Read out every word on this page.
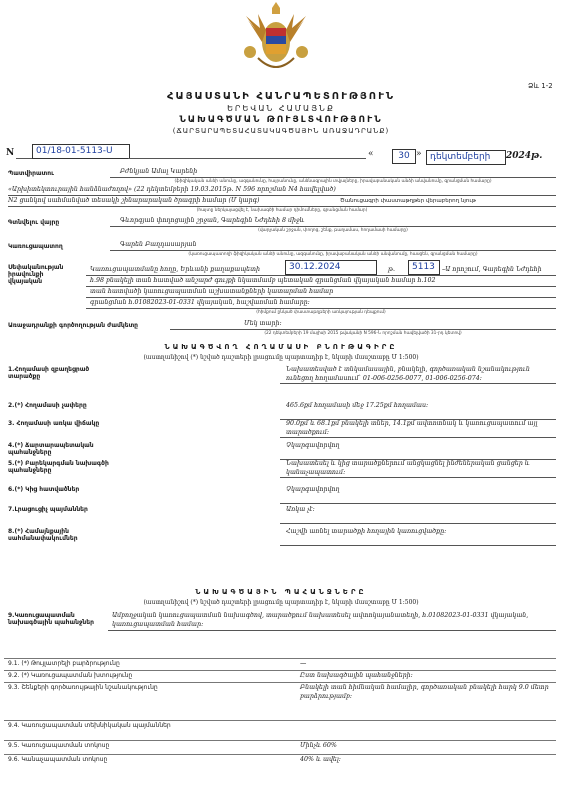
Ձև 1-2
ՀԱՅԱՍՏԱՆԻ ՀԱՆՐԱՊԵՏՈՒԹՅՈՒՆ
ԵՐԵՎԱՆ ՀԱՄԱՅՆՔ
ՆԱԽԱԳԾՄԱՆ ԹՈՒՅԼՏՎՈՒԹՅՈՒՆ
(ՃԱՐՏԱՐԱՊԵՏԱՀԱՏԱԿԱԳԾԱՅԻՆ ԱՌԱՋԱԴՐԱՆՔ)
N	01/18-01-5113-Ս	«	30 » դեկտեմբերի	2024թ.
Պատվիրատու	Բժնկյան Ամալ Կարենի
(ֆիզիկական անձի անունը, ազգանունը, հայրանունը, անձնագրային տվյալները, իրավաբանական անձի անվանումը, գրանցման համարը)
«Արխիտեկտուրային հանձնաժողով» (22 դեկտեմբերի 19.03.2015թ. N 596 որոշման N4 հավելված)
N2 ցանկով սահմանված տեսակի շինարարական ծրագրի համար (Մ կարգ)	Ծանուցագրի փաստաթղթեր վերաբերող նյութ
(հայտը ներկայացվել է, նախագծի համար դիմումները, գրանցման համար)
Գտնվելու վայրը	Գևորգյան փողոցային շրջան, Գարեգին Նժդեհի 8 միջև
(վարչական շրջան, փողոց, շենք, թաղամաս, հողամասի համարը)
Կառուցապատող	Գարեն Բաղդասարյան
(կառուցապատողի ֆիզիկական անձի անունը, ազգանունը, իրավաբանական անձի անվանումը, հասցեն, գրանցման համարը)
Սեփականության իրավունքի վկայական
Կառուցապատմանը հողը, Երևանի քաղաքապետի	30.12.2024	թ.	5113	–Ա որոշում, Գարեգին Նժդեհի
հ.98 բնակելի տան հատված անշարժ գույքի նկատմամբ պետական գրանցման վկայական համար հ.102
տան հատվածի կառուցապատման աշխատանքների կատարման համար
գրանցման հ.01082023-01-0331 վկայական, հաշվառման համարը:
(հիմքում ընկած փաստաթղթերի առկայության դեպքում)
Առաջադրանքի գործողության ժամկետը	Մեկ տարի:
(22 դեկտեմբերի 19 մայիսի 2015 թվականի N 596-Ն որոշման հավելվածի 31-րդ կետով)
ՆԱԽԱԳԾՎՈՂ ՀՈՂԱՄԱՍԻ ԲՆՈՒԹԱԳԻՐԸ
(աստղանիշով (*) նշված դաշտերի լրացումը պարտադիր է, նկարի մասշտաբը Մ 1:500)
1.Հողամասի զբաղեցրած տարածքը
Նախատեսված է տնկամասային, բնակելի, գործառական նշանակություն ունեցող հողամասում՝ 01-006-0256-0077, 01-006-0256-074:
2.(*) Հողամասի չափերը	465.6քմ հողամասի մեջ 17.25քմ հողամաս:
3. Հողամասի առկա վիճակը	90.0քմ և 68.1քմ բնակելի տներ, 14.1քմ ավտոտնակ և կառուցապատում այլ տարածքում:
4.(*) Ճարտարապետական պահանջները
Չկարգավորվող
5.(*) Բարեկարգման նախագծի պահանջները
Նախատեսել և կից տարածքներում անցկացնել ինժեներական ցանցեր և կանաչապատում:
6.(*) Կից հատվածներ	Չկարգավորվող
7.Լրացուցիչ պայմաններ	Առկա չէ:
8.(*) Համայնքային սահմանափակումներ
Հաշվի առնել տարածքի հողային կառուցվածքը:
ՆԱԽԱԳԾԱՅԻՆ ՊԱՀԱՆՋՆԵՐԸ
(աստղանիշով (*) նշված դաշտերի լրացումը պարտադիր է, նկարի մասշտաբը Մ 1:500)
9.Կառուցապատման նախագծային պահանջներ
Ամբողջական կառուցապատման նախագծով, տարածքում նախատեսել ավտոկայանատեղի, հ.01082023-01-0331 վկայական, կառուցապատման համար:
9.1. (*) Թույլատրելի բարձրությունը	—
9.2. (*) Կառուցապատման խտությունը	Ըստ նախագծային պահանջների:
9.3. Շենքերի գործառույթային նշանակությունը	Բնակելի տան հիմնական համալիր, գործառական բնակելի հարկ 9.0 մետր բարձրությամբ:
9.4. Կառուցապատման տեխնիկական պայմաններ
9.5. Կառուցապատման տոկոսը	Մինչև 60%
9.6. Կանաչապատման տոկոսը	40% և ավել:
